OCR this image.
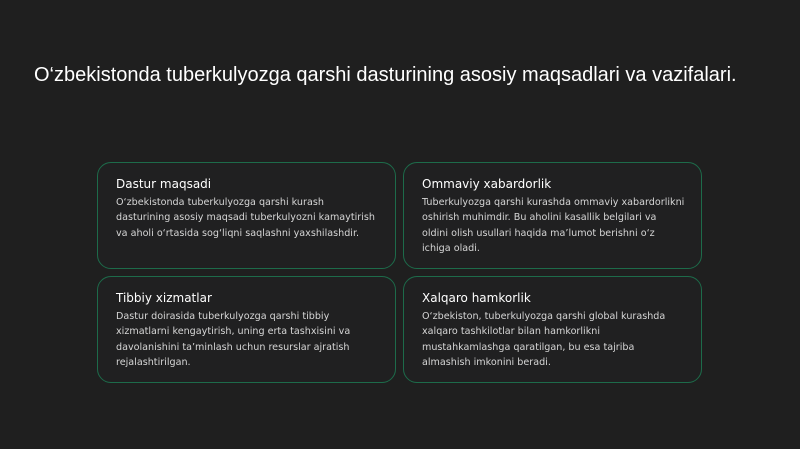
O‘zbekistonda tuberkulyozga qarshi dasturining asosiy maqsadlari va vazifalari.
Dastur maqsadi

O‘zbekistonda tuberkulyozga qarshi kurash dasturining asosiy maqsadi tuberkulyozni kamaytirish va aholi o‘rtasida sog‘liqni saqlashni yaxshilashdir.

Ommaviy xabardorlik

Tuberkulyozga qarshi kurashda ommaviy xabardorlikni oshirish muhimdir. Bu aholini kasallik belgilari va oldini olish usullari haqida ma’lumot berishni o‘z ichiga oladi.

Tibbiy xizmatlar

Dastur doirasida tuberkulyozga qarshi tibbiy xizmatlarni kengaytirish, uning erta tashxisini va davolanishini ta’minlash uchun resurslar ajratish rejalashtirilgan.

Xalqaro hamkorlik

O‘zbekiston, tuberkulyozga qarshi global kurashda xalqaro tashkilotlar bilan hamkorlikni mustahkamlashga qaratilgan, bu esa tajriba almashish imkonini beradi.
